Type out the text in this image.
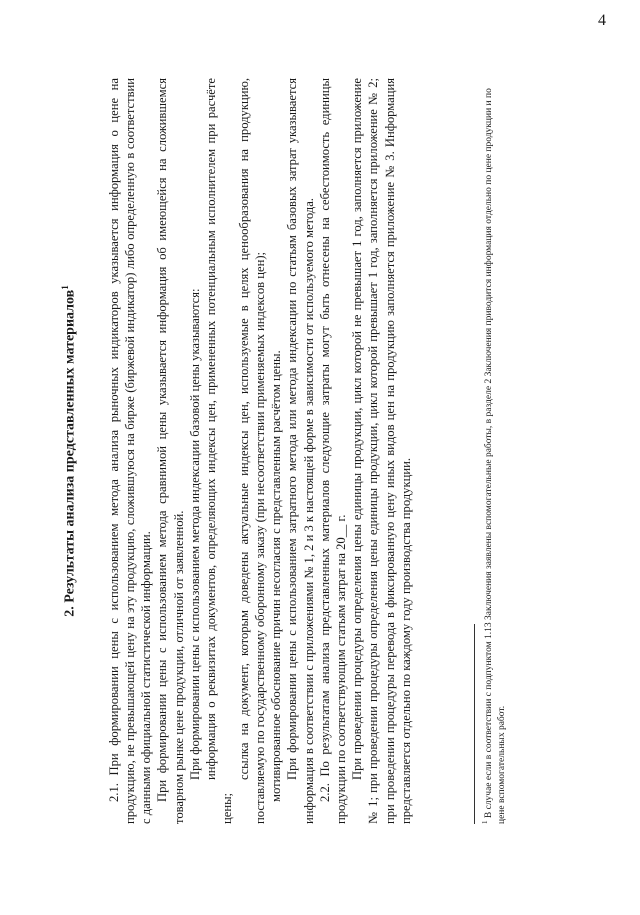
4
2. Результаты анализа представленных материалов$^1$	2.1. При формировании цены с использованием метода анализа рыночных индикаторов указывается информация о цене на продукцию, не превышающей цену на эту продукцию, сложившуюся на бирже (биржевой индикатор) либо определенную в соответствии с данными официальной статистической информации. При формировании цены с использованием метода сравнимой цены указывается информация об имеющейся на сложившемся товарном рынке цене продукции, отличной от заявленной. При формировании цены с использованием метода индексации базовой цены указываются: информация о реквизитах документов, определяющих индексы цен, примененных потенциальным исполнителем при расчёте цены;

ссылка на документ, которым доведены актуальные индексы цен, используемые в целях ценообразования на продукцию, поставляемую по государственному оборонному заказу (при несоответствии применяемых индексов цен); мотивированное обоснование причин несогласия с представленным расчётом цены. При формировании цены с использованием затратного метода или метода индексации по статьям базовых затрат указывается информация в соответствии с приложениями № 1, 2 и 3 к настоящей форме в зависимости от используемого метода. 2.2. По результатам анализа представленных материалов следующие затраты могут быть отнесены на себестоимость единицы продукции по соответствующим статьям затрат на 20__ г. При проведении процедуры определения цены единицы продукции, цикл которой не превышает 1 год, заполняется приложение № 1; при проведении процедуры определения цены единицы продукции, цикл которой превышает 1 год, заполняется приложение № 2; при проведении процедуры перевода в фиксированную цену иных видов цен на продукцию заполняется приложение № 3. Информация представляется отдельно по каждому году производства продукции.	$^1$ В случае если в соответствии с подпунктом 1.13 Заключения заявлены вспомогательные работы, в разделе 2 Заключения приводится информация отдельно по цене продукции и по цене вспомогательных работ.
